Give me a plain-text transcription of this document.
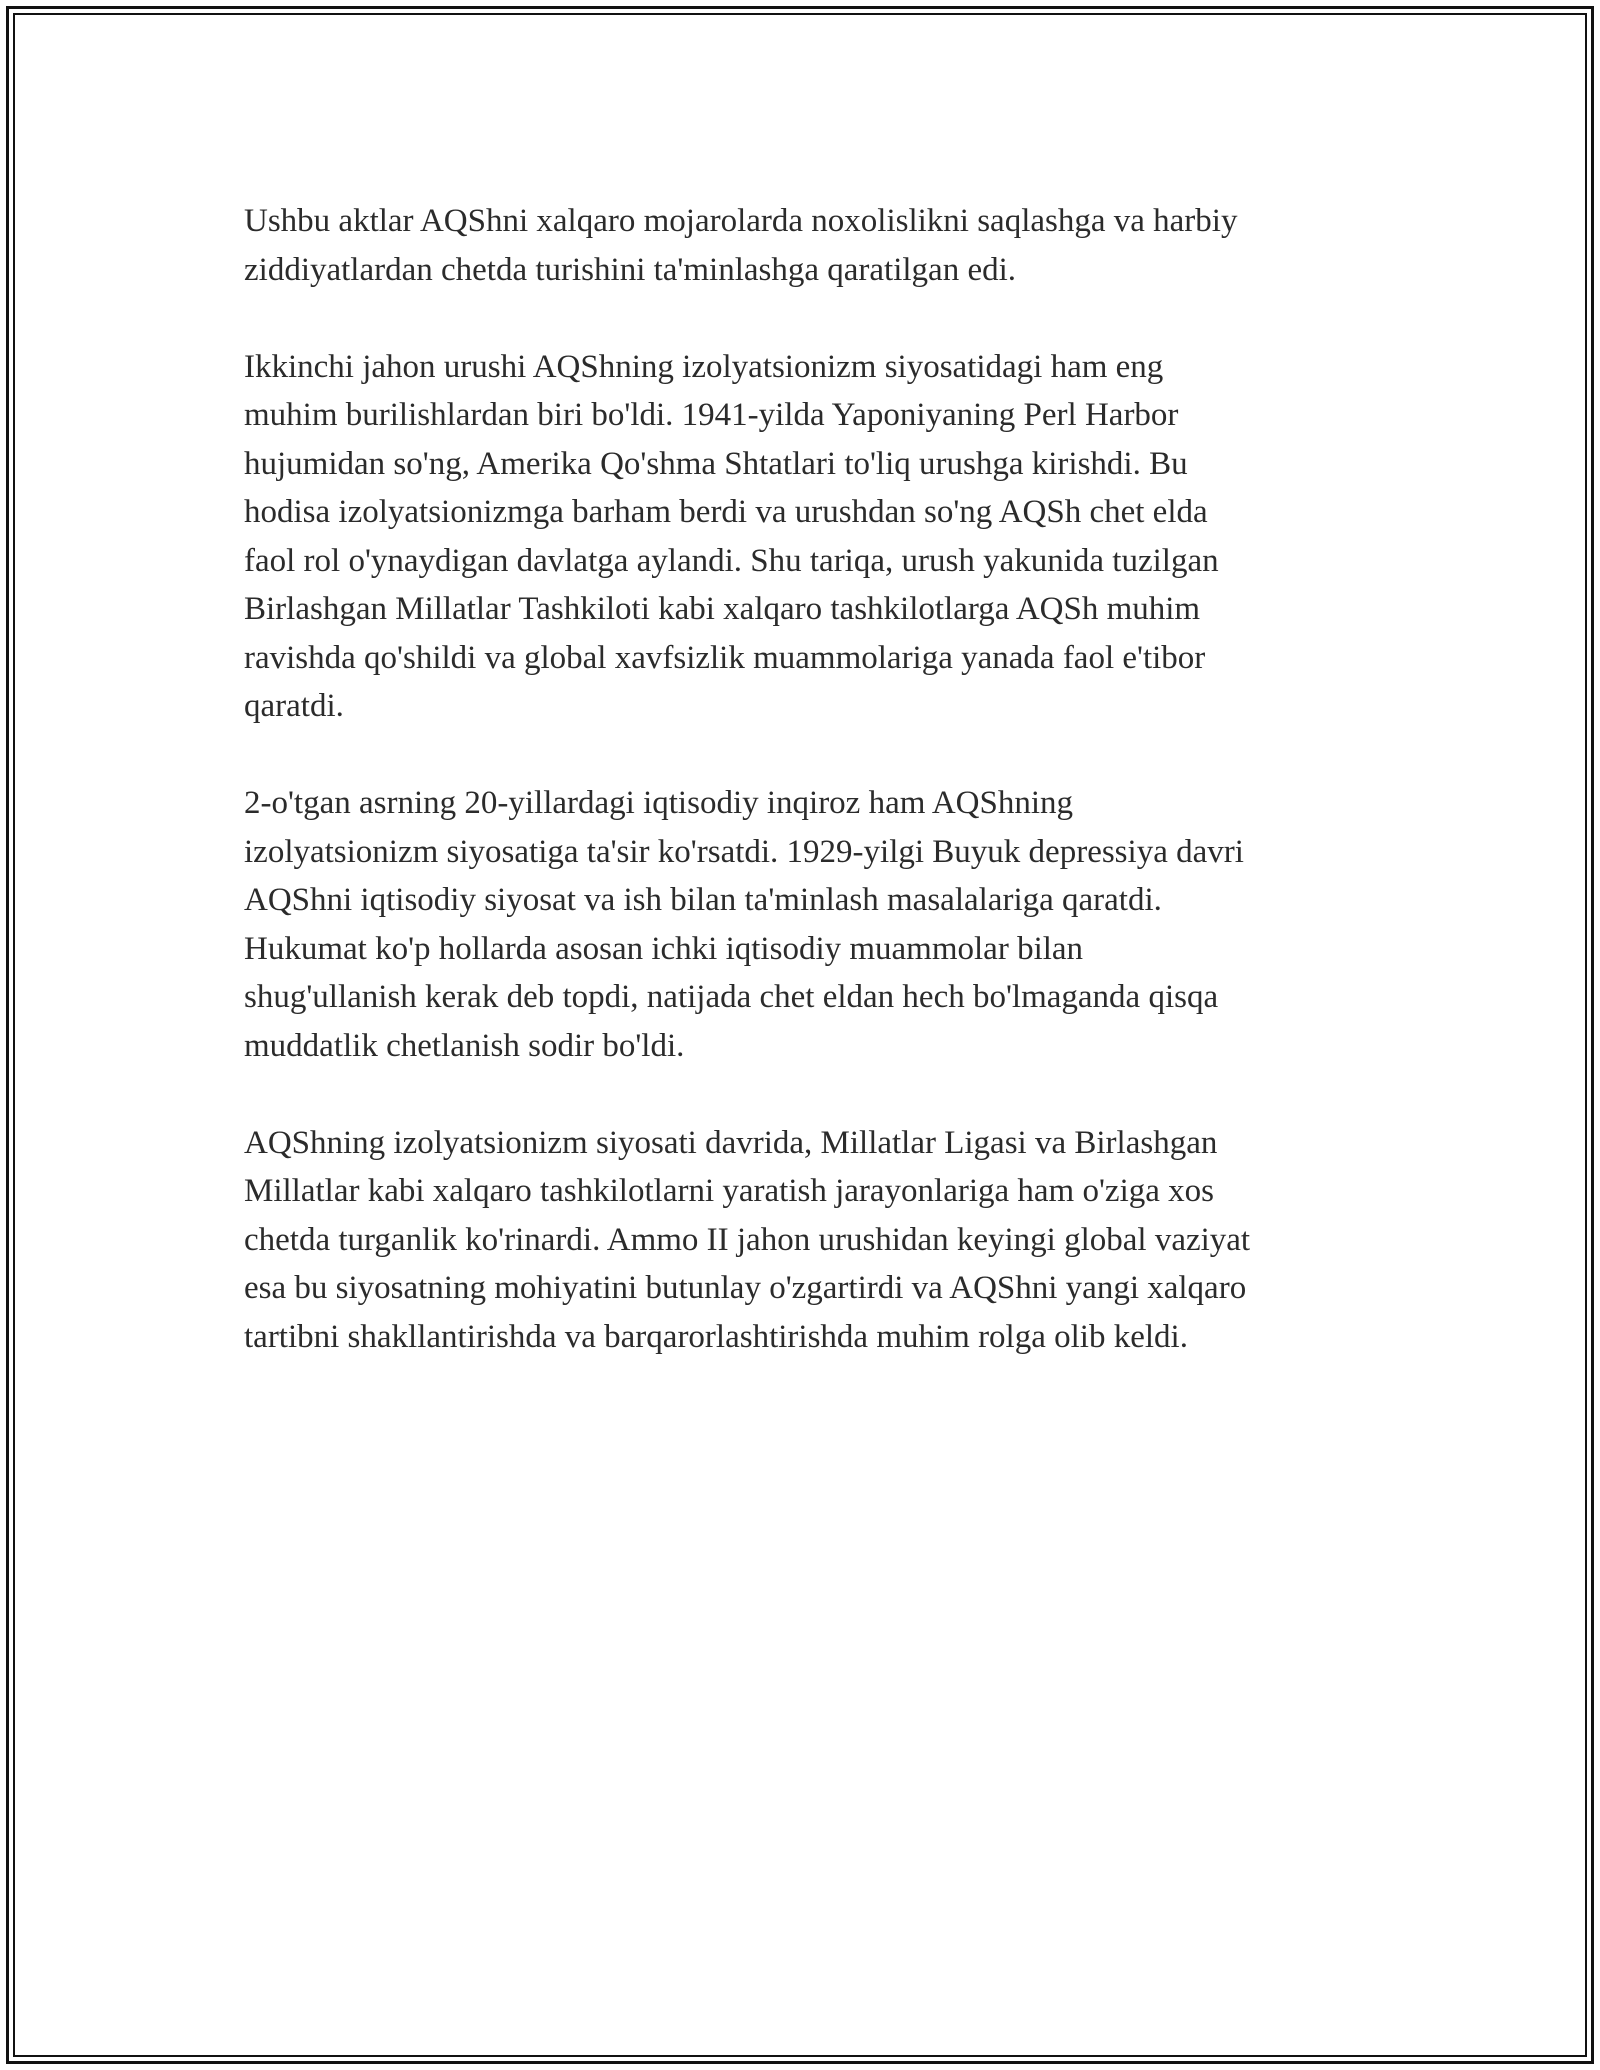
Ushbu aktlar AQShni xalqaro mojarolarda noxolislikni saqlashga va harbiy
ziddiyatlardan chetda turishini ta'minlashga qaratilgan edi.

Ikkinchi jahon urushi AQShning izolyatsionizm siyosatidagi ham eng
muhim burilishlardan biri bo'ldi. 1941-yilda Yaponiyaning Perl Harbor
hujumidan so'ng, Amerika Qo'shma Shtatlari to'liq urushga kirishdi. Bu
hodisa izolyatsionizmga barham berdi va urushdan so'ng AQSh chet elda
faol rol o'ynaydigan davlatga aylandi. Shu tariqa, urush yakunida tuzilgan
Birlashgan Millatlar Tashkiloti kabi xalqaro tashkilotlarga AQSh muhim
ravishda qo'shildi va global xavfsizlik muammolariga yanada faol e'tibor
qaratdi.

2-o'tgan asrning 20-yillardagi iqtisodiy inqiroz ham AQShning
izolyatsionizm siyosatiga ta'sir ko'rsatdi. 1929-yilgi Buyuk depressiya davri
AQShni iqtisodiy siyosat va ish bilan ta'minlash masalalariga qaratdi.
Hukumat ko'p hollarda asosan ichki iqtisodiy muammolar bilan
shug'ullanish kerak deb topdi, natijada chet eldan hech bo'lmaganda qisqa
muddatlik chetlanish sodir bo'ldi.

AQShning izolyatsionizm siyosati davrida, Millatlar Ligasi va Birlashgan
Millatlar kabi xalqaro tashkilotlarni yaratish jarayonlariga ham o'ziga xos
chetda turganlik ko'rinardi. Ammo II jahon urushidan keyingi global vaziyat
esa bu siyosatning mohiyatini butunlay o'zgartirdi va AQShni yangi xalqaro
tartibni shakllantirishda va barqarorlashtirishda muhim rolga olib keldi.
